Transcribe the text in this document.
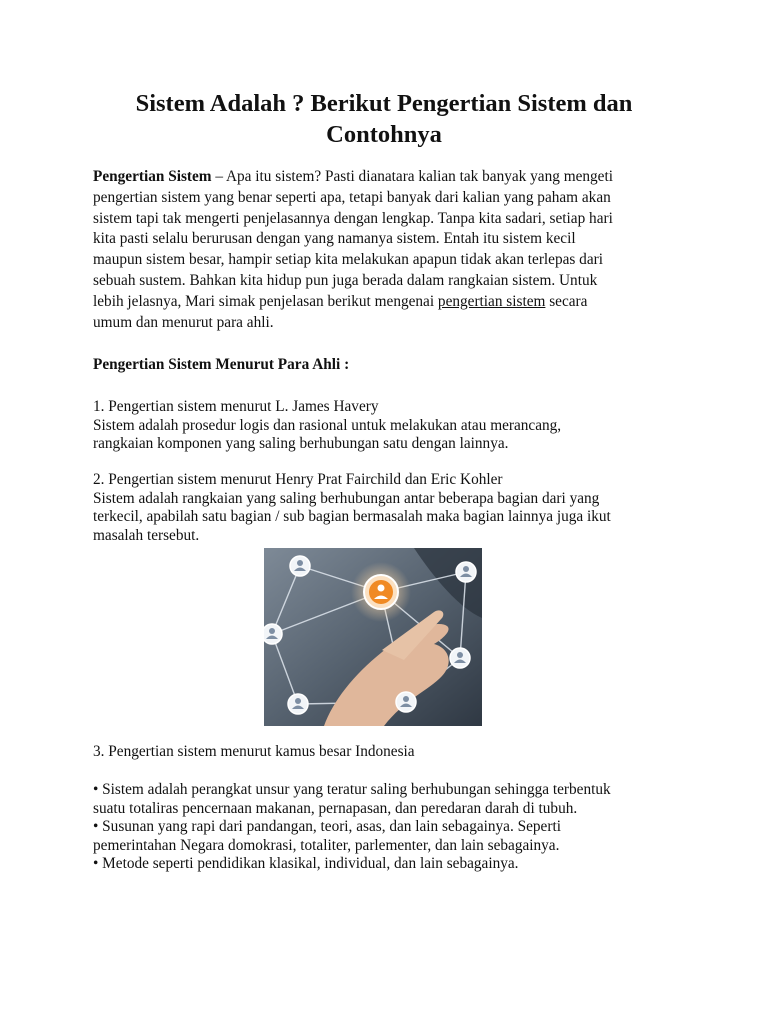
Sistem Adalah ? Berikut Pengertian Sistem dan
Contohnya

Pengertian Sistem – Apa itu sistem? Pasti dianatara kalian tak banyak yang mengeti
pengertian sistem yang benar seperti apa, tetapi banyak dari kalian yang paham akan
sistem tapi tak mengerti penjelasannya dengan lengkap. Tanpa kita sadari, setiap hari
kita pasti selalu berurusan dengan yang namanya sistem. Entah itu sistem kecil
maupun sistem besar, hampir setiap kita melakukan apapun tidak akan terlepas dari
sebuah sustem. Bahkan kita hidup pun juga berada dalam rangkaian sistem. Untuk
lebih jelasnya, Mari simak penjelasan berikut mengenai pengertian sistem secara
umum dan menurut para ahli.

Pengertian Sistem Menurut Para Ahli :

1. Pengertian sistem menurut L. James Havery
Sistem adalah prosedur logis dan rasional untuk melakukan atau merancang,
rangkaian komponen yang saling berhubungan satu dengan lainnya.

2. Pengertian sistem menurut Henry Prat Fairchild dan Eric Kohler
Sistem adalah rangkaian yang saling berhubungan antar beberapa bagian dari yang
terkecil, apabilah satu bagian / sub bagian bermasalah maka bagian lainnya juga ikut
masalah tersebut.

3. Pengertian sistem menurut kamus besar Indonesia

• Sistem adalah perangkat unsur yang teratur saling berhubungan sehingga terbentuk
suatu totaliras pencernaan makanan, pernapasan, dan peredaran darah di tubuh.
• Susunan yang rapi dari pandangan, teori, asas, dan lain sebagainya. Seperti
pemerintahan Negara domokrasi, totaliter, parlementer, dan lain sebagainya.
• Metode seperti pendidikan klasikal, individual, dan lain sebagainya.
